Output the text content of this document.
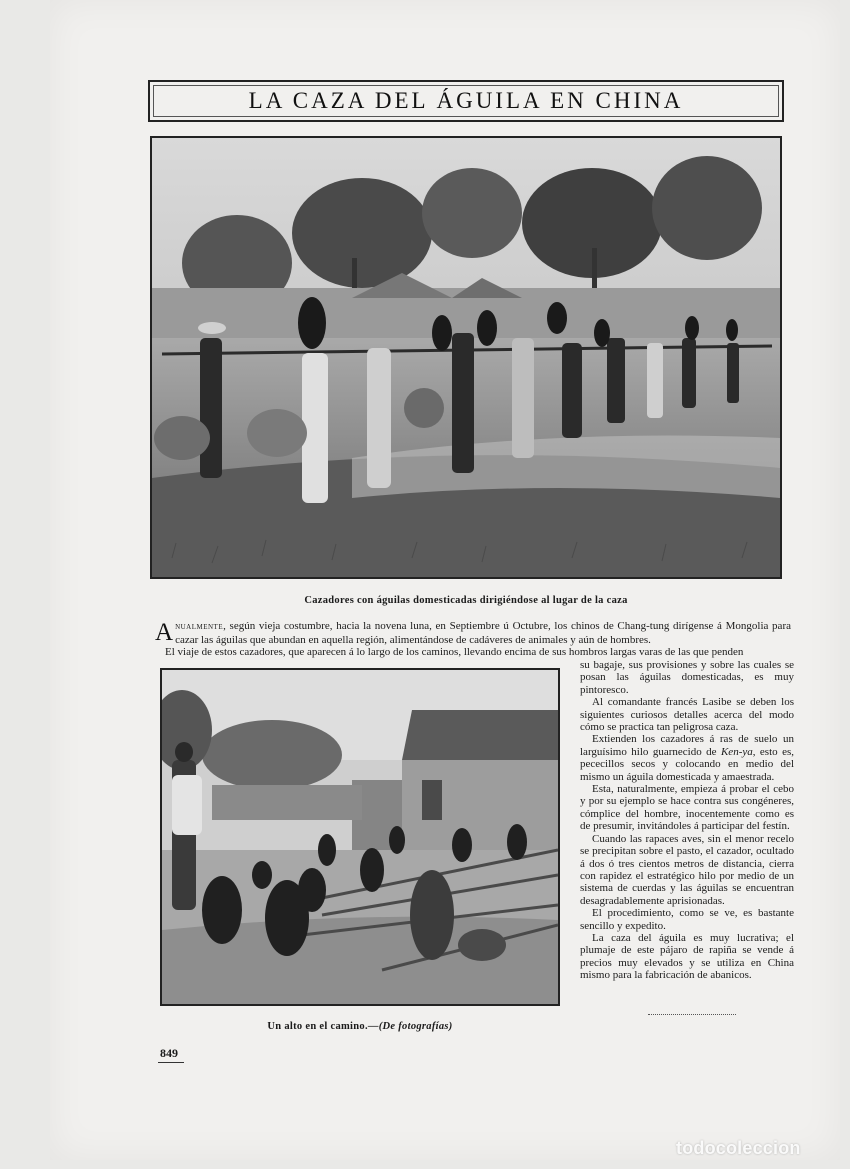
LA CAZA DEL ÁGUILA EN CHINA
Cazadores con águilas domesticadas dirigiéndose al lugar de la caza

Anualmente, según vieja costumbre, hacia la novena luna, en Septiembre ú Octubre, los chinos de Chang-tung dirígense á Mongolia para cazar las águilas que abundan en aquella región, alimentándose de cadáveres de animales y aún de hombres.

El viaje de estos cazadores, que aparecen á lo largo de los caminos, llevando encima de sus hombros largas varas de las que penden

Un alto en el camino.—(De fotografías)

su bagaje, sus provisiones y sobre las cuales se posan las águilas domesticadas, es muy pintoresco.

Al comandante francés Lasibe se deben los siguientes curiosos detalles acerca del modo cómo se practica tan peligrosa caza.

Extienden los cazadores á ras de suelo un larguísimo hilo guarnecido de Ken-ya, esto es, pececillos secos y colocando en medio del mismo un águila domesticada y amaestrada.

Esta, naturalmente, empieza á probar el cebo y por su ejemplo se hace contra sus congéneres, cómplice del hombre, inocentemente como es de presumir, invitándoles á participar del festín.

Cuando las rapaces aves, sin el menor recelo se precipitan sobre el pasto, el cazador, ocultado á dos ó tres cientos metros de distancia, cierra con rapidez el estratégico hilo por medio de un sistema de cuerdas y las águilas se encuentran desagradablemente aprisionadas.

El procedimiento, como se ve, es bastante sencillo y expedito.

La caza del águila es muy lucrativa; el plumaje de este pájaro de rapiña se vende á precios muy elevados y se utiliza en China mismo para la fabricación de abanicos.

849
todocoleccion
